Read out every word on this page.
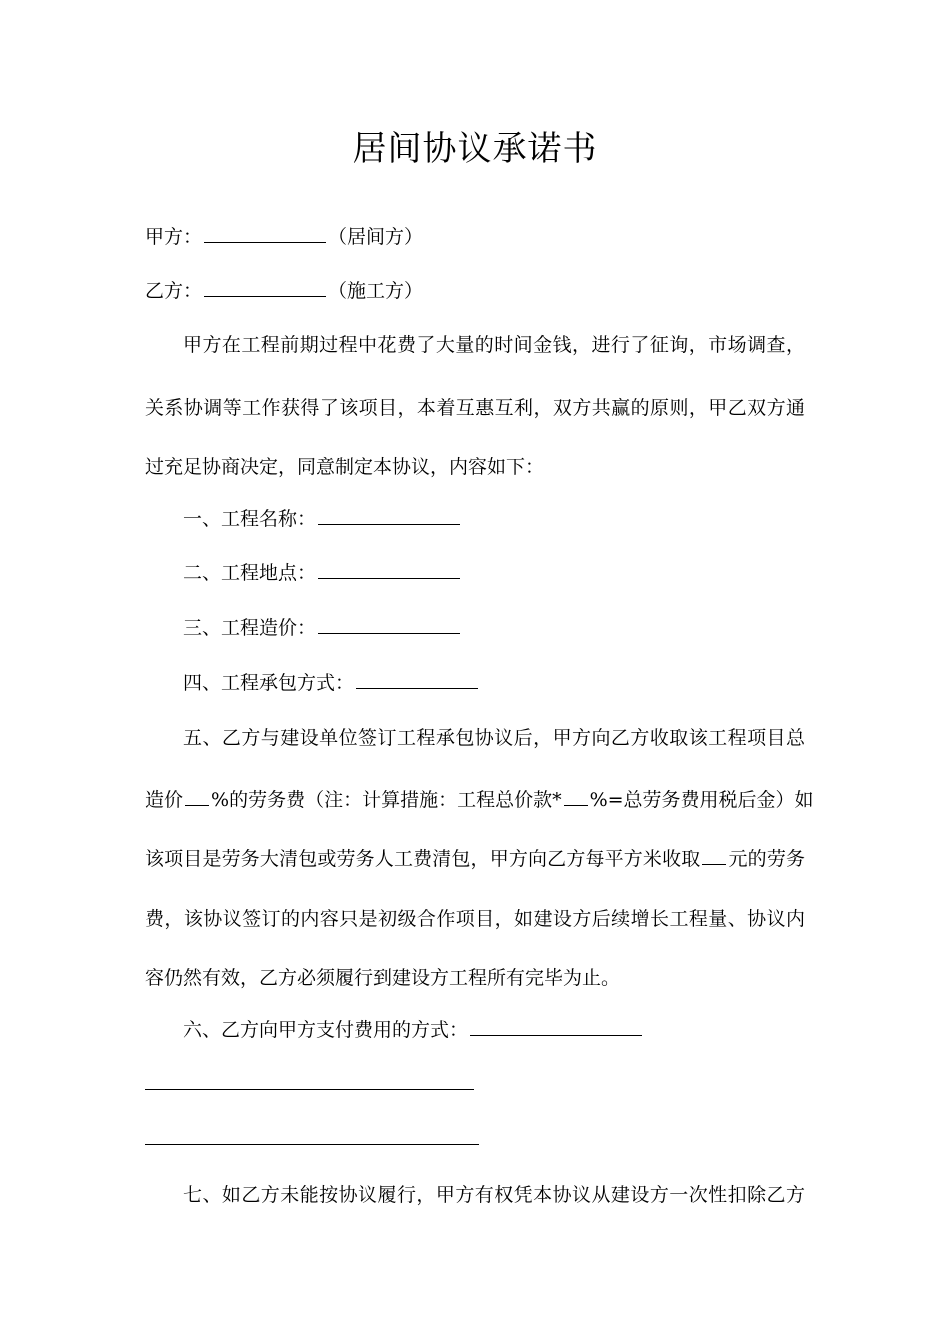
居间协议承诺书
甲方：	（居间方）
乙方：	（施工方）
甲方在工程前期过程中花费了大量的时间金钱，进行了征询，市场调查，
关系协调等工作获得了该项目，本着互惠互利，双方共赢的原则，甲乙双方通
过充足协商决定，同意制定本协议，内容如下：
一、工程名称：
二、工程地点：
三、工程造价：
四、工程承包方式：
五、乙方与建设单位签订工程承包协议后，甲方向乙方收取该工程项目总
造价 %的劳务费（注：计算措施：工程总价款* %=总劳务费用税后金）如
该项目是劳务大清包或劳务人工费清包，甲方向乙方每平方米收取 元的劳务
费，该协议签订的内容只是初级合作项目，如建设方后续增长工程量、协议内
容仍然有效，乙方必须履行到建设方工程所有完毕为止。
六、乙方向甲方支付费用的方式：
七、如乙方未能按协议履行，甲方有权凭本协议从建设方一次性扣除乙方
